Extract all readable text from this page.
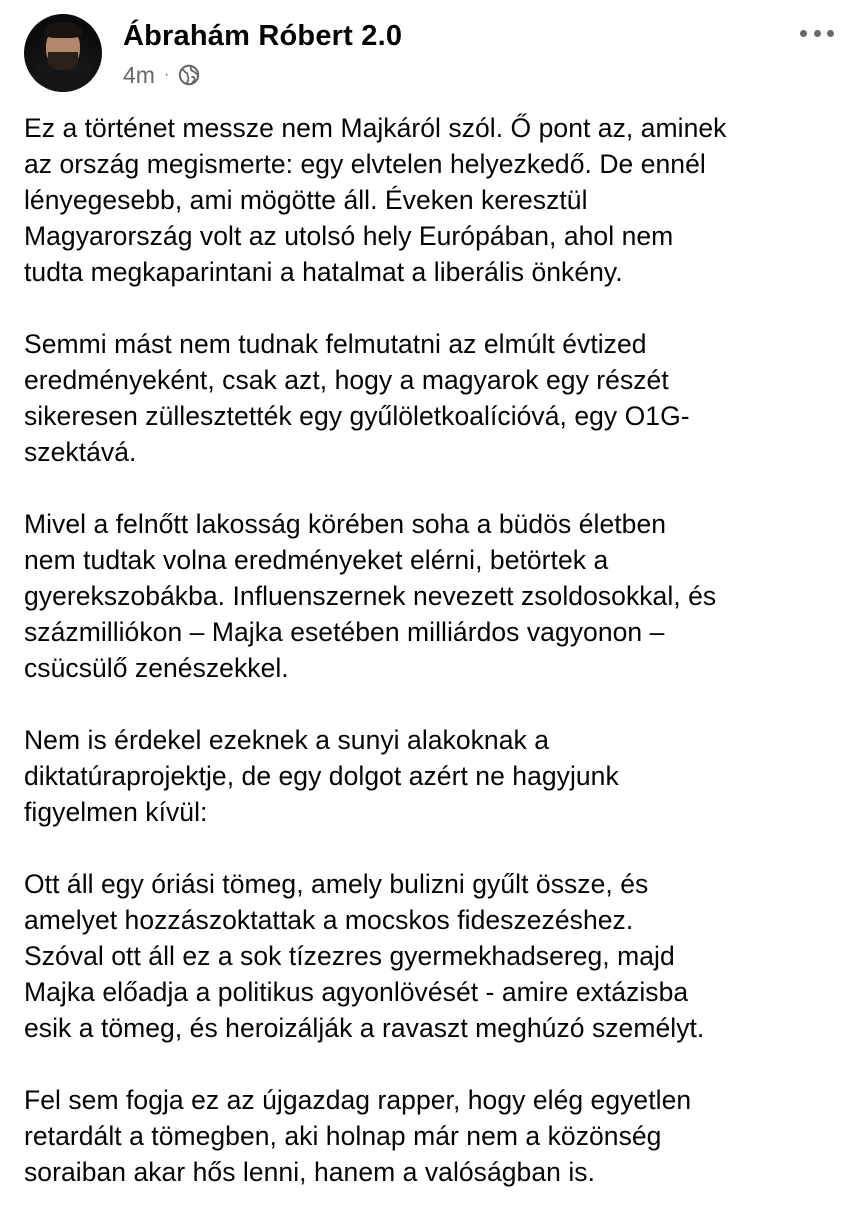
Ábrahám Róbert 2.0
4m ·
Ez a történet messze nem Majkáról szól. Ő pont az, aminek
az ország megismerte: egy elvtelen helyezkedő. De ennél
lényegesebb, ami mögötte áll. Éveken keresztül
Magyarország volt az utolsó hely Európában, ahol nem
tudta megkaparintani a hatalmat a liberális önkény.
Semmi mást nem tudnak felmutatni az elmúlt évtized
eredményeként, csak azt, hogy a magyarok egy részét
sikeresen züllesztették egy gyűlöletkoalícióvá, egy O1G-
szektává.
Mivel a felnőtt lakosság körében soha a büdös életben
nem tudtak volna eredményeket elérni, betörtek a
gyerekszobákba. Influenszernek nevezett zsoldosokkal, és
százmilliókon – Majka esetében milliárdos vagyonon –
csücsülő zenészekkel.
Nem is érdekel ezeknek a sunyi alakoknak a
diktatúraprojektje, de egy dolgot azért ne hagyjunk
figyelmen kívül:
Ott áll egy óriási tömeg, amely bulizni gyűlt össze, és
amelyet hozzászoktattak a mocskos fideszezéshez.
Szóval ott áll ez a sok tízezres gyermekhadsereg, majd
Majka előadja a politikus agyonlövését - amire extázisba
esik a tömeg, és heroizálják a ravaszt meghúzó személyt.
Fel sem fogja ez az újgazdag rapper, hogy elég egyetlen
retardált a tömegben, aki holnap már nem a közönség
soraiban akar hős lenni, hanem a valóságban is.
